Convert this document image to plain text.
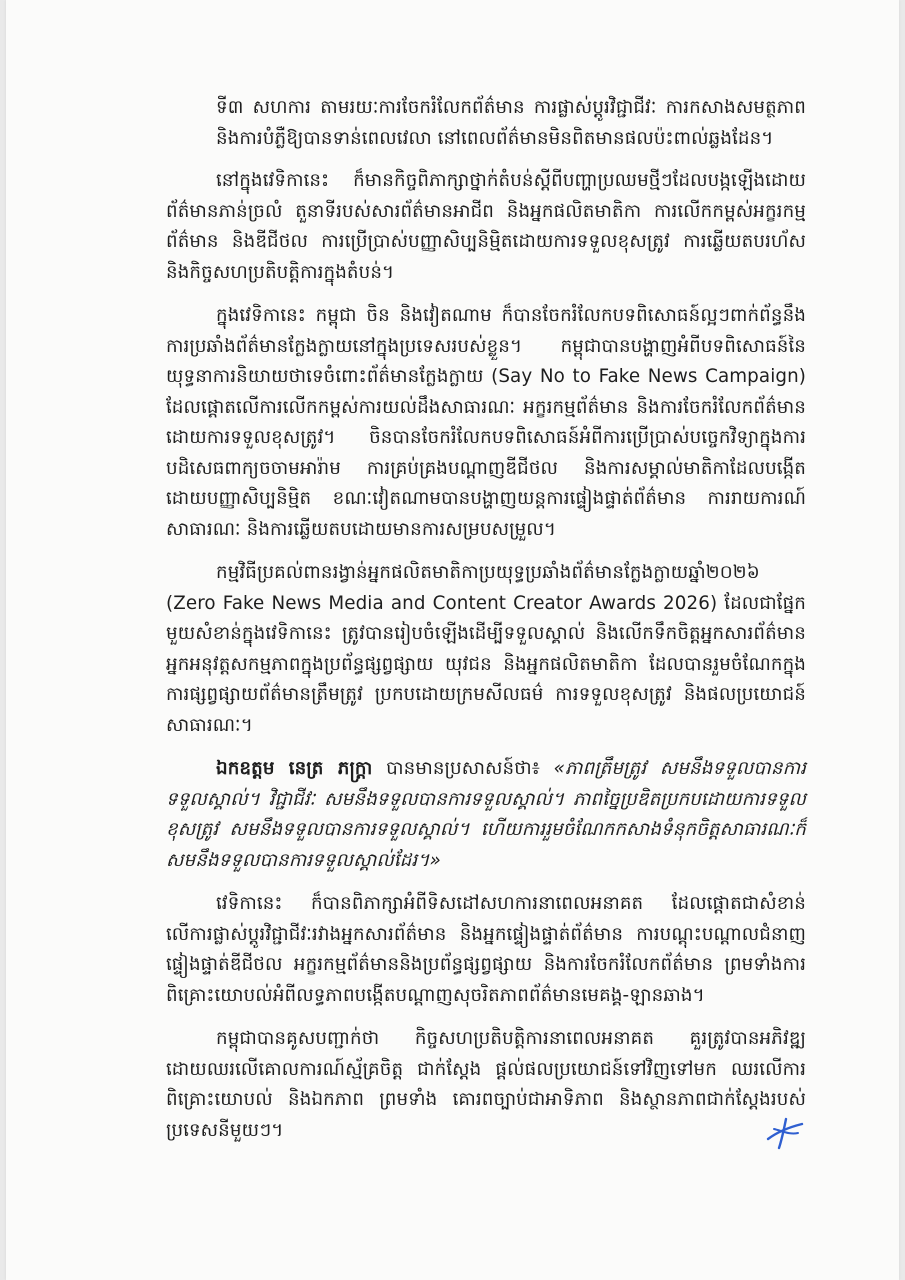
ទី៣ សហការ តាមរយៈការចែករំលែកព័ត៌មាន ការផ្លាស់ប្ដូរវិជ្ជាជីវៈ ការកសាងសមត្ថភាព និងការបំភ្លឺឱ្យបានទាន់ពេលវេលា នៅពេលព័ត៌មានមិនពិតមានផលប៉ះពាល់ឆ្លងដែន។

នៅក្នុងវេទិកានេះ ក៏មានកិច្ចពិភាក្សាថ្នាក់តំបន់ស្ដីពីបញ្ហាប្រឈមថ្មីៗដែលបង្កឡើងដោយព័ត៌មានភាន់ច្រលំ តួនាទីរបស់សារព័ត៌មានអាជីព និងអ្នកផលិតមាតិកា ការលើកកម្ពស់អក្ខរកម្មព័ត៌មាន និងឌីជីថល ការប្រើប្រាស់បញ្ញាសិប្បនិម្មិតដោយការទទួលខុសត្រូវ ការឆ្លើយតបរហ័ស និងកិច្ចសហប្រតិបត្តិការក្នុងតំបន់។

ក្នុងវេទិកានេះ កម្ពុជា ចិន និងវៀតណាម ក៏បានចែករំលែកបទពិសោធន៍ល្អៗពាក់ព័ន្ធនឹងការប្រឆាំងព័ត៌មានក្លែងក្លាយនៅក្នុងប្រទេសរបស់ខ្លួន។ កម្ពុជាបានបង្ហាញអំពីបទពិសោធន៍នៃយុទ្ធនាការនិយាយថាទេចំពោះព័ត៌មានក្លែងក្លាយ (Say No to Fake News Campaign) ដែលផ្ដោតលើការលើកកម្ពស់ការយល់ដឹងសាធារណៈ អក្ខរកម្មព័ត៌មាន និងការចែករំលែកព័ត៌មានដោយការទទួលខុសត្រូវ។ ចិនបានចែករំលែកបទពិសោធន៍អំពីការប្រើប្រាស់បច្ចេកវិទ្យាក្នុងការបដិសេធពាក្យចចាមអារ៉ាម ការគ្រប់គ្រងបណ្ដាញឌីជីថល និងការសម្គាល់មាតិកាដែលបង្កើតដោយបញ្ញាសិប្បនិម្មិត ខណៈវៀតណាមបានបង្ហាញយន្តការផ្ទៀងផ្ទាត់ព័ត៌មាន ការរាយការណ៍សាធារណៈ និងការឆ្លើយតបដោយមានការសម្របសម្រួល។

កម្មវិធីប្រគល់ពានរង្វាន់អ្នកផលិតមាតិកាប្រយុទ្ធប្រឆាំងព័ត៌មានក្លែងក្លាយឆ្នាំ២០២៦ (Zero Fake News Media and Content Creator Awards 2026) ដែលជាផ្នែកមួយសំខាន់ក្នុងវេទិកានេះ ត្រូវបានរៀបចំឡើងដើម្បីទទួលស្គាល់ និងលើកទឹកចិត្តអ្នកសារព័ត៌មាន អ្នកអនុវត្តសកម្មភាពក្នុងប្រព័ន្ធផ្សព្វផ្សាយ យុវជន និងអ្នកផលិតមាតិកា ដែលបានរួមចំណែកក្នុងការផ្សព្វផ្សាយព័ត៌មានត្រឹមត្រូវ ប្រកបដោយក្រមសីលធម៌ ការទទួលខុសត្រូវ និងផលប្រយោជន៍សាធារណៈ។

ឯកឧត្តម នេត្រ ភក្ត្រា បានមានប្រសាសន៍ថា៖ «ភាពត្រឹមត្រូវ សមនឹងទទួលបានការទទួលស្គាល់។ វិជ្ជាជីវៈ សមនឹងទទួលបានការទទួលស្គាល់។ ភាពច្នៃប្រឌិតប្រកបដោយការទទួលខុសត្រូវ សមនឹងទទួលបានការទទួលស្គាល់។ ហើយការរួមចំណែកកសាងទំនុកចិត្តសាធារណៈក៏សមនឹងទទួលបានការទទួលស្គាល់ដែរ។»

វេទិកានេះ ក៏បានពិភាក្សាអំពីទិសដៅសហការនាពេលអនាគត ដែលផ្ដោតជាសំខាន់លើការផ្លាស់ប្ដូរវិជ្ជាជីវៈរវាងអ្នកសារព័ត៌មាន និងអ្នកផ្ទៀងផ្ទាត់ព័ត៌មាន ការបណ្ដុះបណ្ដាលជំនាញផ្ទៀងផ្ទាត់ឌីជីថល អក្ខរកម្មព័ត៌មាននិងប្រព័ន្ធផ្សព្វផ្សាយ និងការចែករំលែកព័ត៌មាន ព្រមទាំងការពិគ្រោះយោបល់អំពីលទ្ធភាពបង្កើតបណ្ដាញសុចរិតភាពព័ត៌មានមេគង្គ-ឡានឆាង។

កម្ពុជាបានគូសបញ្ជាក់ថា កិច្ចសហប្រតិបត្តិការនាពេលអនាគត គួរត្រូវបានអភិវឌ្ឍដោយឈរលើគោលការណ៍ស្ម័គ្រចិត្ត ជាក់ស្ដែង ផ្ដល់ផលប្រយោជន៍ទៅវិញទៅមក ឈរលើការពិគ្រោះយោបល់ និងឯកភាព ព្រមទាំង គោរពច្បាប់ជាអាទិភាព និងស្ថានភាពជាក់ស្ដែងរបស់ប្រទេសនីមួយៗ។
